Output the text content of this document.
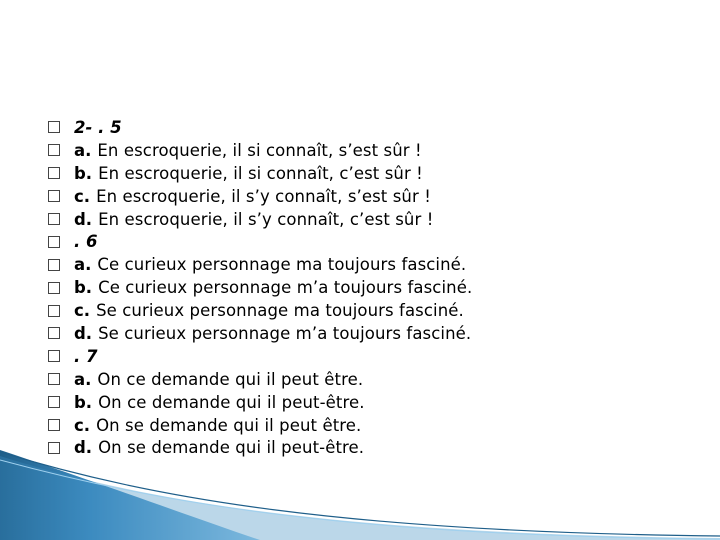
2- . 5
a. En escroquerie, il si connaît, s’est sûr !
b. En escroquerie, il si connaît, c’est sûr !
c. En escroquerie, il s’y connaît, s’est sûr !
d. En escroquerie, il s’y connaît, c’est sûr !
. 6
a. Ce curieux personnage ma toujours fasciné.
b. Ce curieux personnage m’a toujours fasciné.
c. Se curieux personnage ma toujours fasciné.
d. Se curieux personnage m’a toujours fasciné.
. 7
a. On ce demande qui il peut être.
b. On ce demande qui il peut-être.
c. On se demande qui il peut être.
d. On se demande qui il peut-être.
